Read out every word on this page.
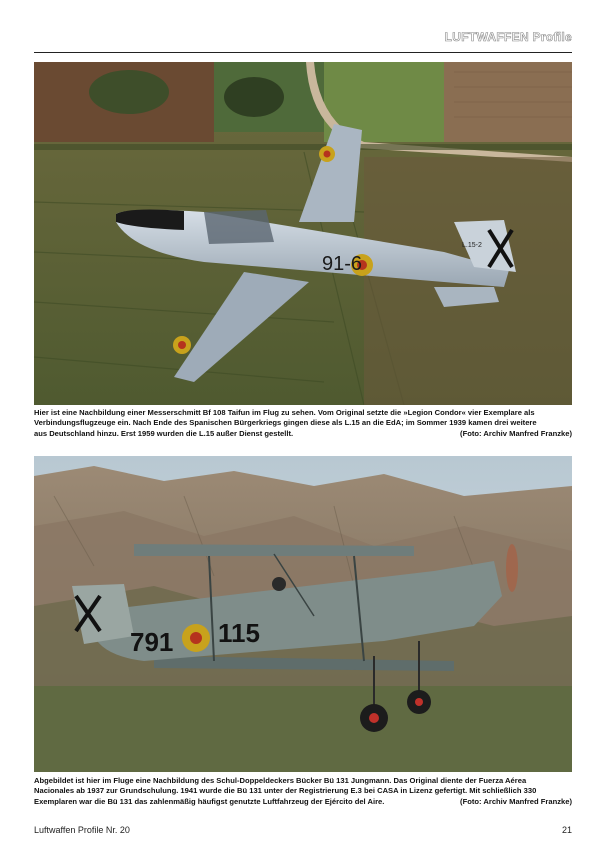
LUFTWAFFEN Profile
91-6
L.15-2
Hier ist eine Nachbildung einer Messerschmitt Bf 108 Taifun im Flug zu sehen. Vom Original setzte die »Legion Condor« vier Exemplare als
Verbindungsflugzeuge ein. Nach Ende des Spanischen Bürgerkriegs gingen diese als L.15 an die EdA; im Sommer 1939 kamen drei weitere
aus Deutschland hinzu. Erst 1959 wurden die L.15 außer Dienst gestellt.	(Foto: Archiv Manfred Franzke)
791 115
Abgebildet ist hier im Fluge eine Nachbildung des Schul-Doppeldeckers Bücker Bü 131 Jungmann. Das Original diente der Fuerza Aérea
Nacionales ab 1937 zur Grundschulung. 1941 wurde die Bü 131 unter der Registrierung E.3 bei CASA in Lizenz gefertigt. Mit schließlich 330
Exemplaren war die Bü 131 das zahlenmäßig häufigst genutzte Luftfahrzeug der Ejército del Aire.	(Foto: Archiv Manfred Franzke)
Luftwaffen Profile Nr. 20	21
